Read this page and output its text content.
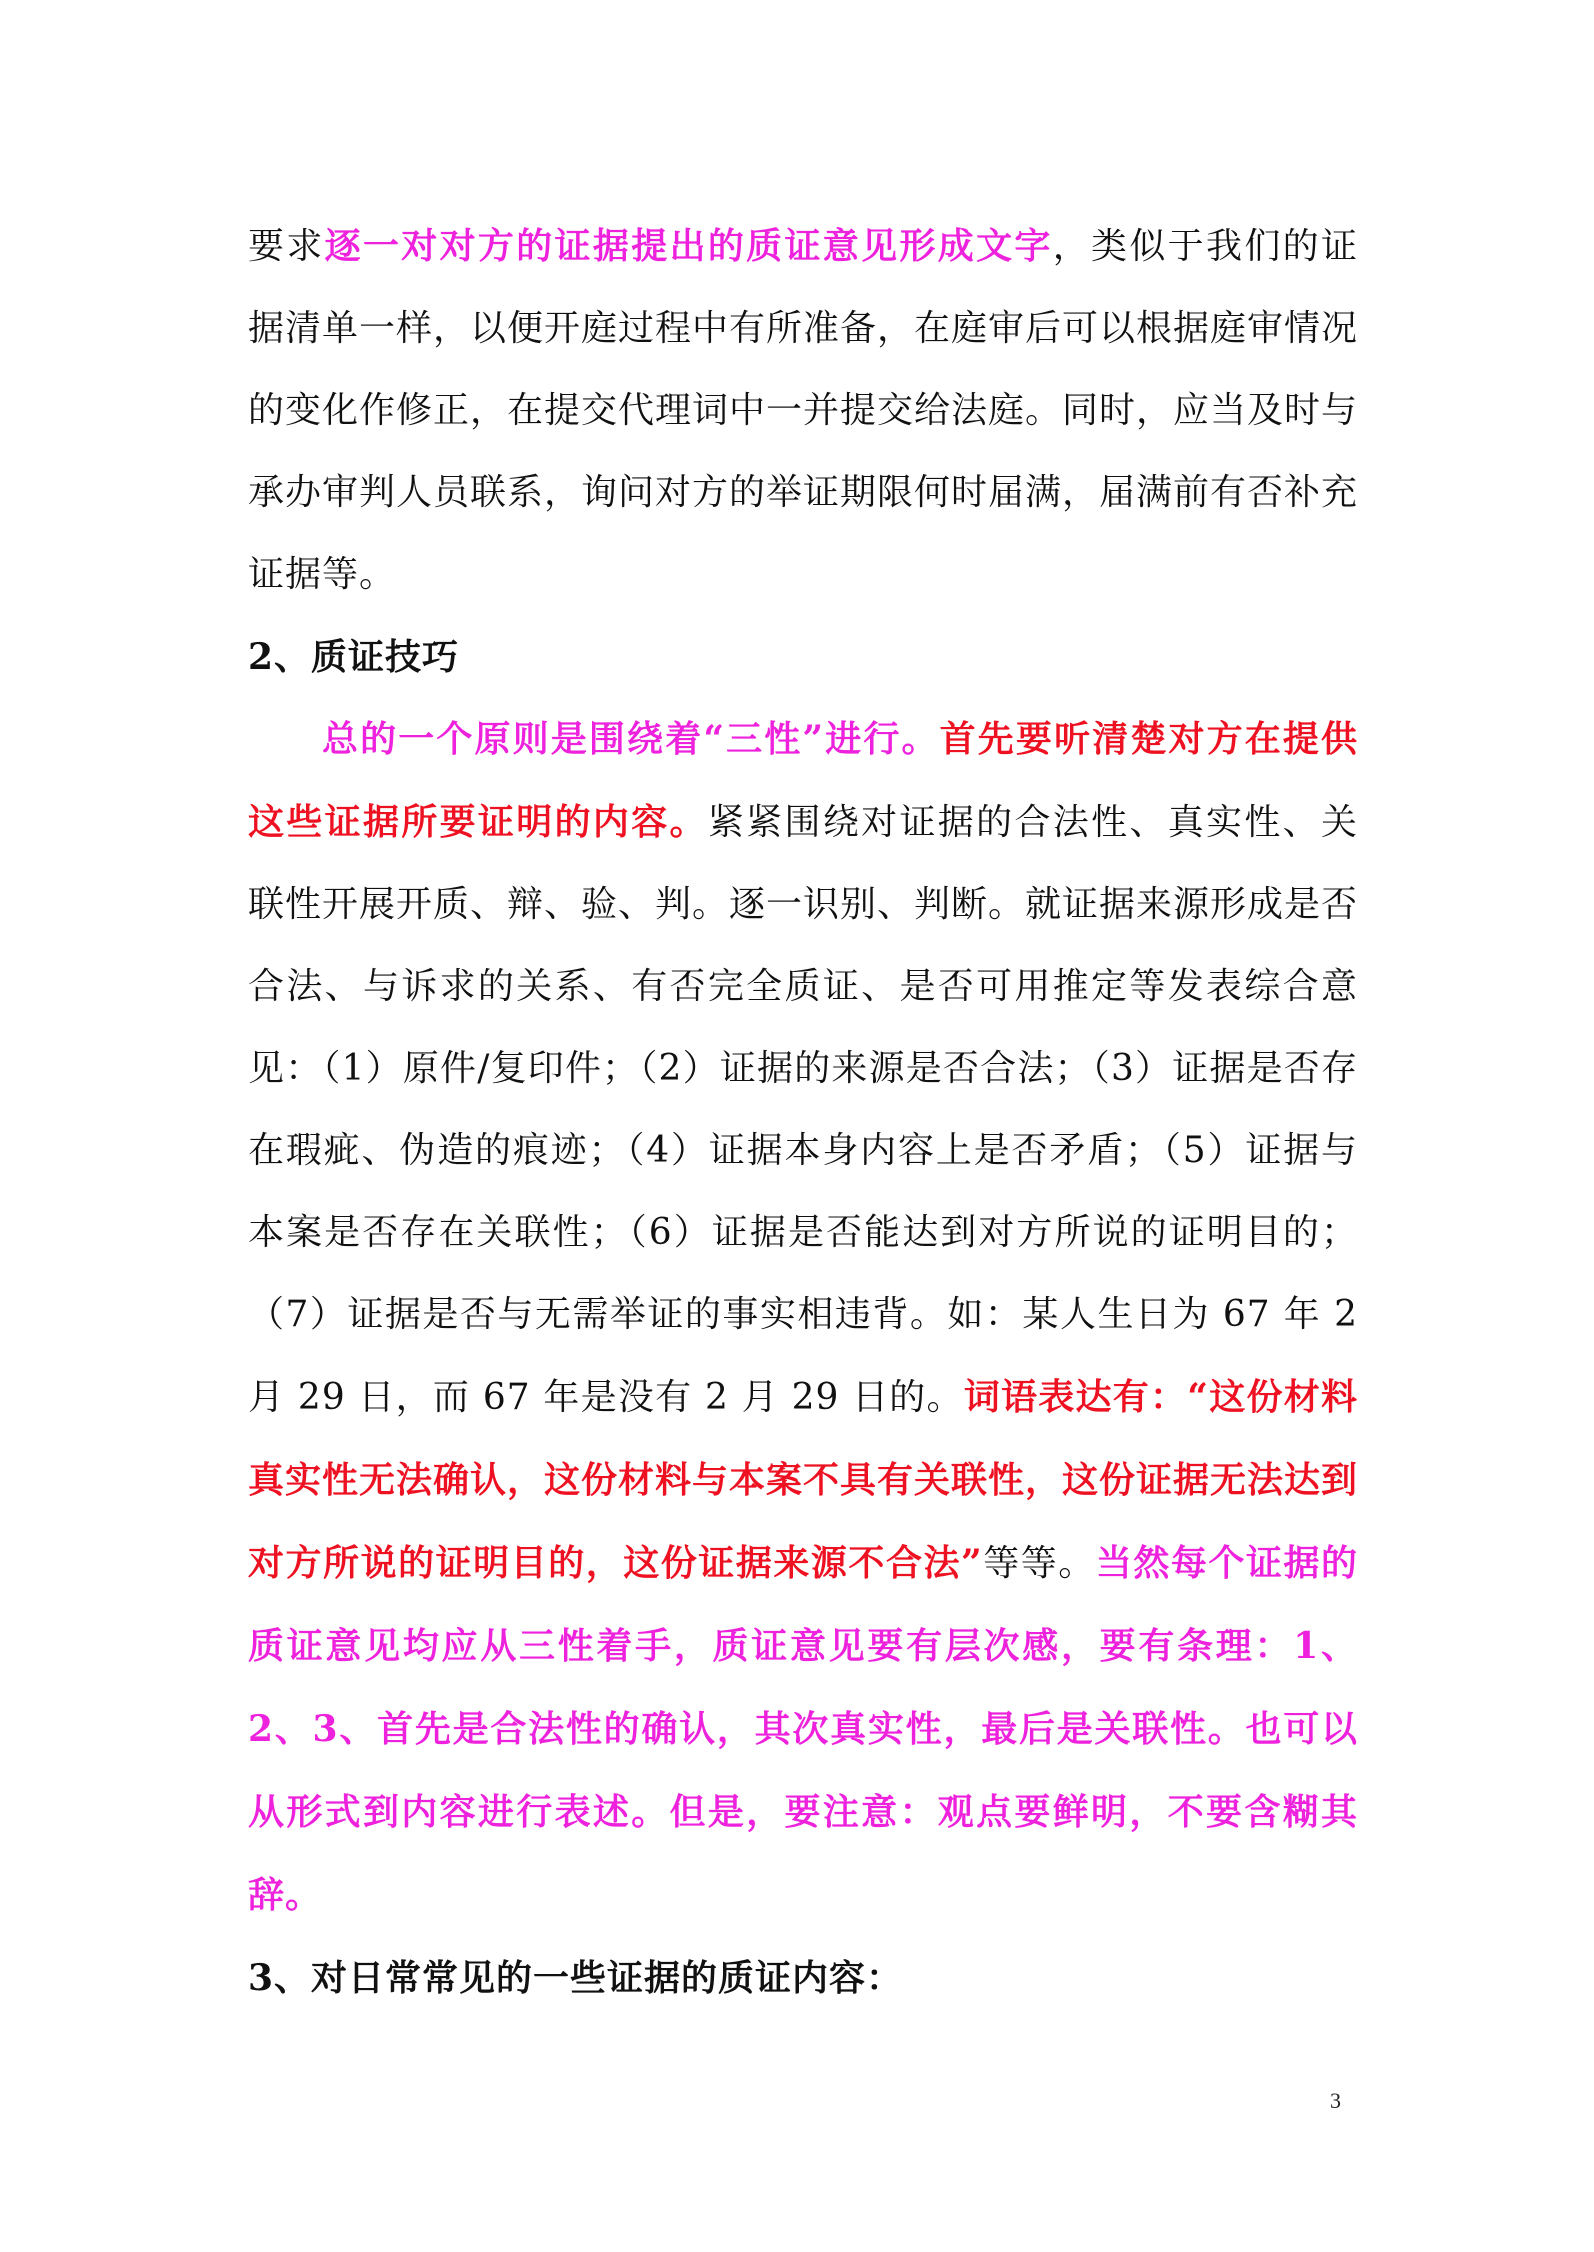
要求逐一对对方的证据提出的质证意见形成文字，类似于我们的证据清单一样，以便开庭过程中有所准备，在庭审后可以根据庭审情况的变化作修正，在提交代理词中一并提交给法庭。同时，应当及时与承办审判人员联系，询问对方的举证期限何时届满，届满前有否补充证据等。

2、质证技巧

总的一个原则是围绕着“三性”进行。首先要听清楚对方在提供这些证据所要证明的内容。紧紧围绕对证据的合法性、真实性、关联性开展开质、辩、验、判。逐一识别、判断。就证据来源形成是否合法、与诉求的关系、有否完全质证、是否可用推定等发表综合意见：（1）原件/复印件；（2）证据的来源是否合法；（3）证据是否存在瑕疵、伪造的痕迹；（4）证据本身内容上是否矛盾；（5）证据与本案是否存在关联性；（6）证据是否能达到对方所说的证明目的；（7）证据是否与无需举证的事实相违背。如：某人生日为 67 年 2 月 29 日，而 67 年是没有 2 月 29 日的。词语表达有：“这份材料真实性无法确认，这份材料与本案不具有关联性，这份证据无法达到对方所说的证明目的，这份证据来源不合法”等等。当然每个证据的质证意见均应从三性着手，质证意见要有层次感，要有条理：1、2、3、首先是合法性的确认，其次真实性，最后是关联性。也可以从形式到内容进行表述。但是，要注意：观点要鲜明，不要含糊其辞。

3、对日常常见的一些证据的质证内容：

3
